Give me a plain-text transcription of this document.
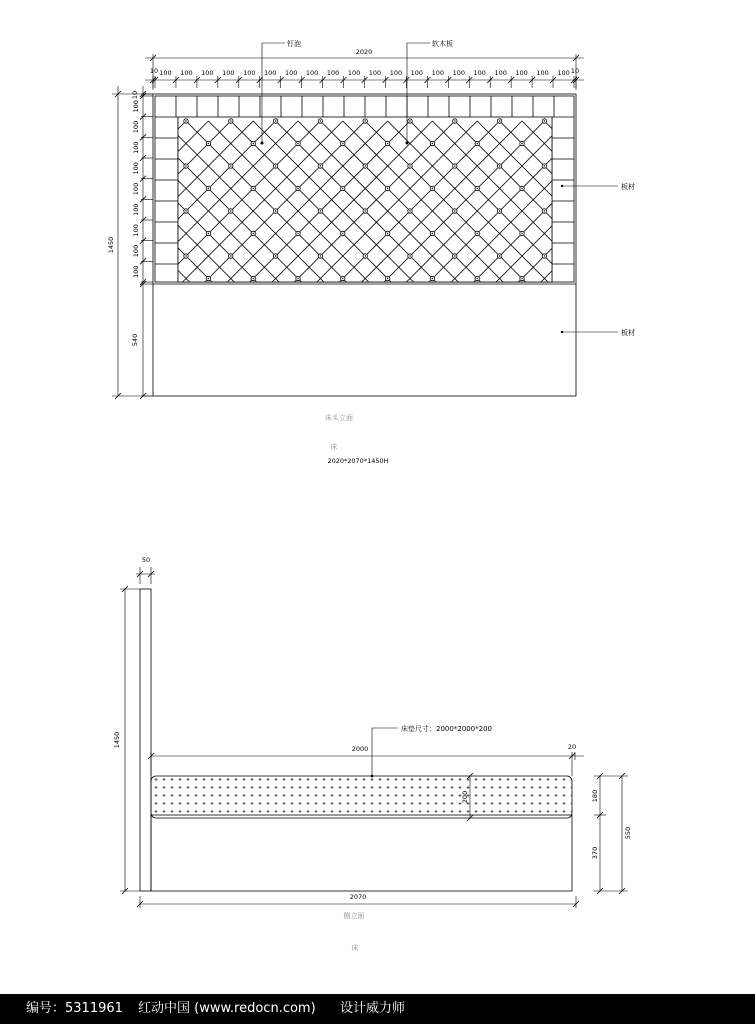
2020
10	10
100 100 100 100 100 100 100 100 100 100 100 100 100 100 100 100 100 100 100 100
1450
10
100
100
100
100
100
100
100
100
100
540
钉泡	软木板
板材
板材
床头立面
床
2020*2070*1450H
50
1450
床垫尺寸：2000*2000*200
2000	20
200	180
370
550
2070
侧立面
床
编号：5311961 红动中国 (www.redocn.com) 设计威力师
